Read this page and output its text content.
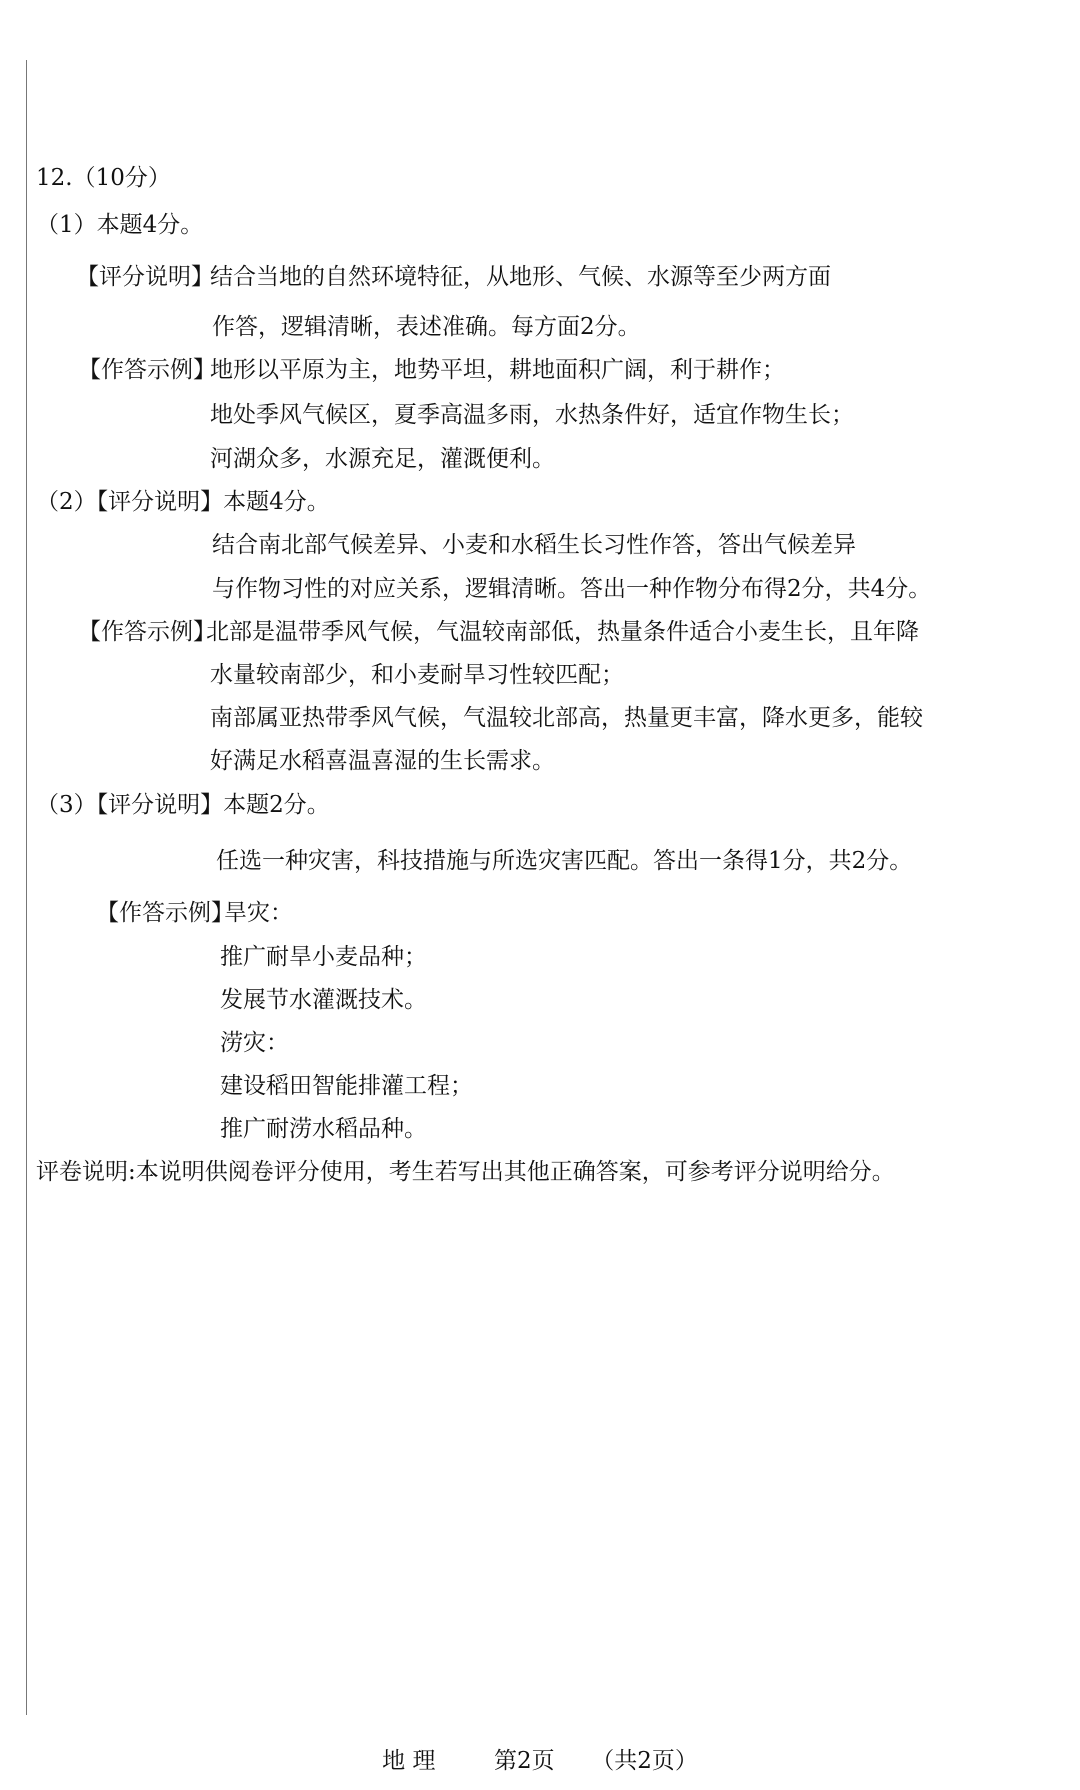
12.（10分）
（1）本题4分。
【评分说明】
结合当地的自然环境特征，从地形、气候、水源等至少两方面
作答，逻辑清晰，表述准确。每方面2分。
【作答示例】
地形以平原为主，地势平坦，耕地面积广阔，利于耕作；
地处季风气候区，夏季高温多雨，水热条件好，适宜作物生长；
河湖众多，水源充足，灌溉便利。
（2）【评分说明】本题4分。
结合南北部气候差异、小麦和水稻生长习性作答，答出气候差异
与作物习性的对应关系，逻辑清晰。答出一种作物分布得2分，共4分。
【作答示例】
北部是温带季风气候，气温较南部低，热量条件适合小麦生长，且年降
水量较南部少，和小麦耐旱习性较匹配；
南部属亚热带季风气候，气温较北部高，热量更丰富，降水更多，能较
好满足水稻喜温喜湿的生长需求。
（3）【评分说明】本题2分。
任选一种灾害，科技措施与所选灾害匹配。答出一条得1分，共2分。
【作答示例】
旱灾：
推广耐旱小麦品种；
发展节水灌溉技术。
涝灾：
建设稻田智能排灌工程；
推广耐涝水稻品种。
评卷说明:本说明供阅卷评分使用，考生若写出其他正确答案，可参考评分说明给分。
地 理	第2页 （共2页）
